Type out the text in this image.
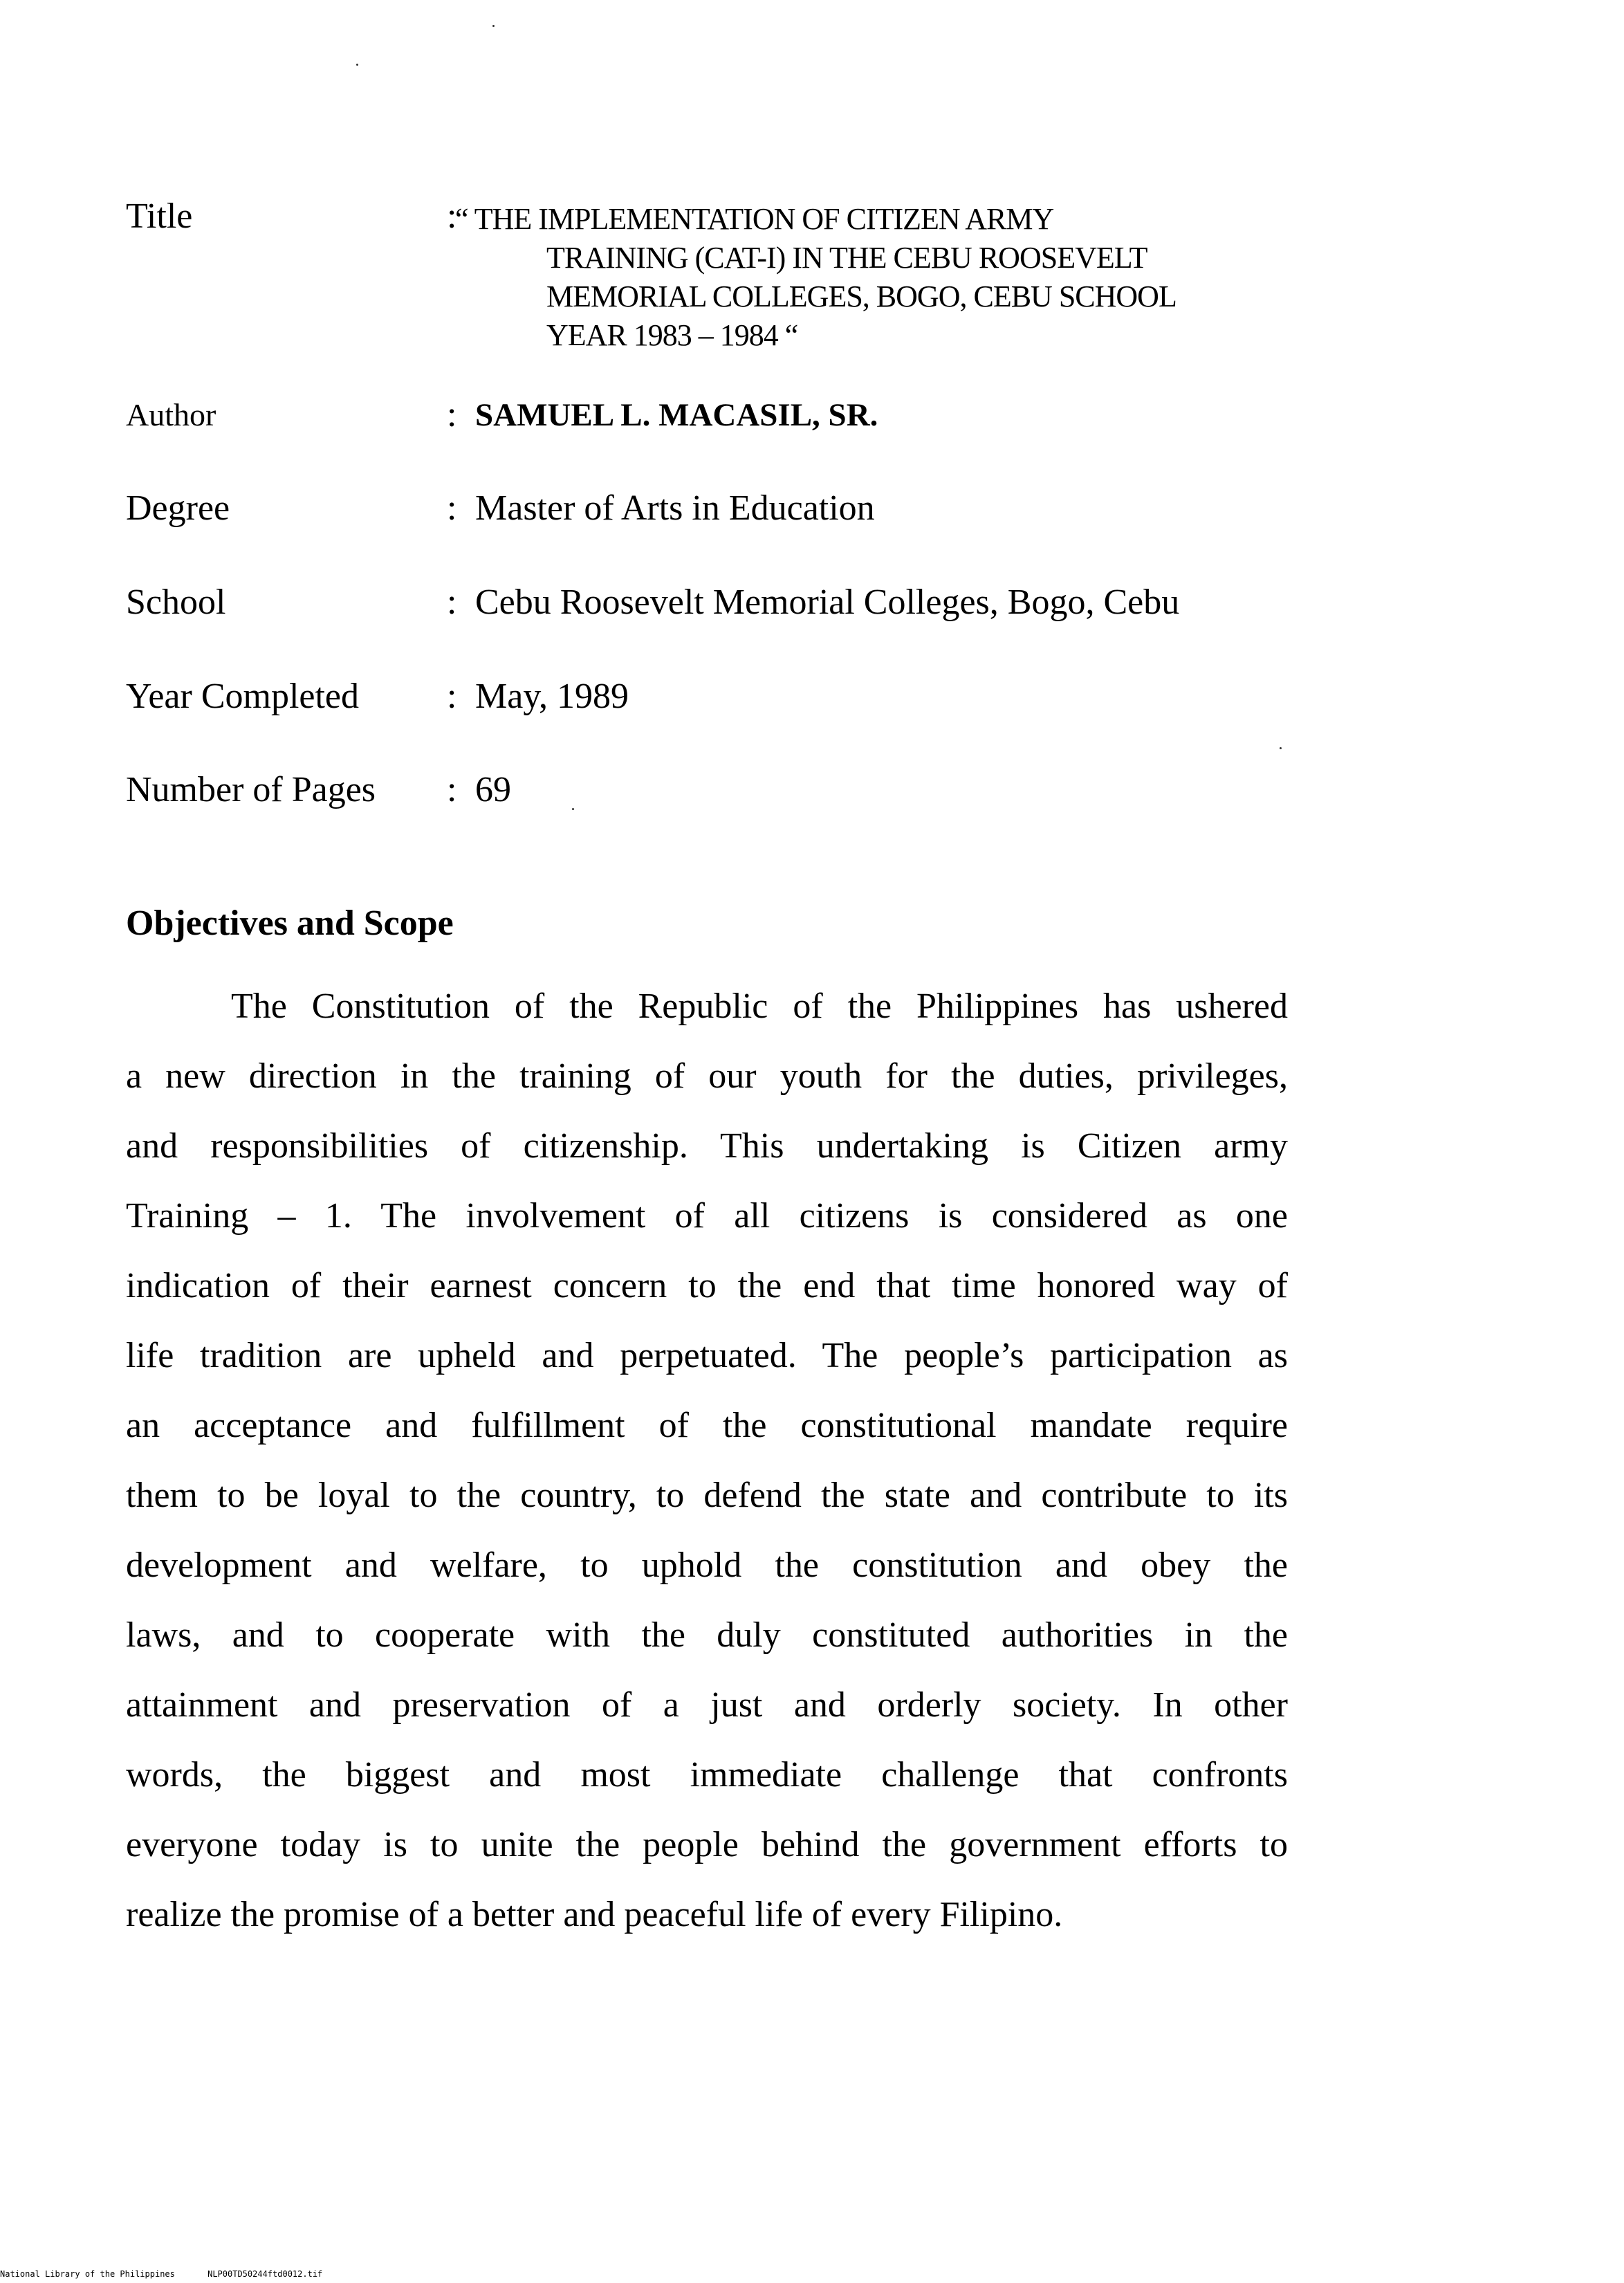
Title	:
“ THE IMPLEMENTATION OF CITIZEN ARMY
TRAINING (CAT-I) IN THE CEBU ROOSEVELT
MEMORIAL COLLEGES, BOGO, CEBU SCHOOL
YEAR 1983 – 1984 “
Author	: SAMUEL L. MACASIL, SR.
Degree	: Master of Arts in Education
School	: Cebu Roosevelt Memorial Colleges, Bogo, Cebu
Year Completed	: May, 1989
Number of Pages	: 69
Objectives and Scope
The Constitution of the Republic of the Philippines has ushered
a new direction in the training of our youth for the duties, privileges,
and responsibilities of citizenship. This undertaking is Citizen army
Training – 1. The involvement of all citizens is considered as one
indication of their earnest concern to the end that time honored way of
life tradition are upheld and perpetuated. The people’s participation as
an acceptance and fulfillment of the constitutional mandate require
them to be loyal to the country, to defend the state and contribute to its
development and welfare, to uphold the constitution and obey the
laws, and to cooperate with the duly constituted authorities in the
attainment and preservation of a just and orderly society. In other
words, the biggest and most immediate challenge that confronts
everyone today is to unite the people behind the government efforts to
realize the promise of a better and peaceful life of every Filipino.
National Library of the Philippines	NLP00TD50244ftd0012.tif
